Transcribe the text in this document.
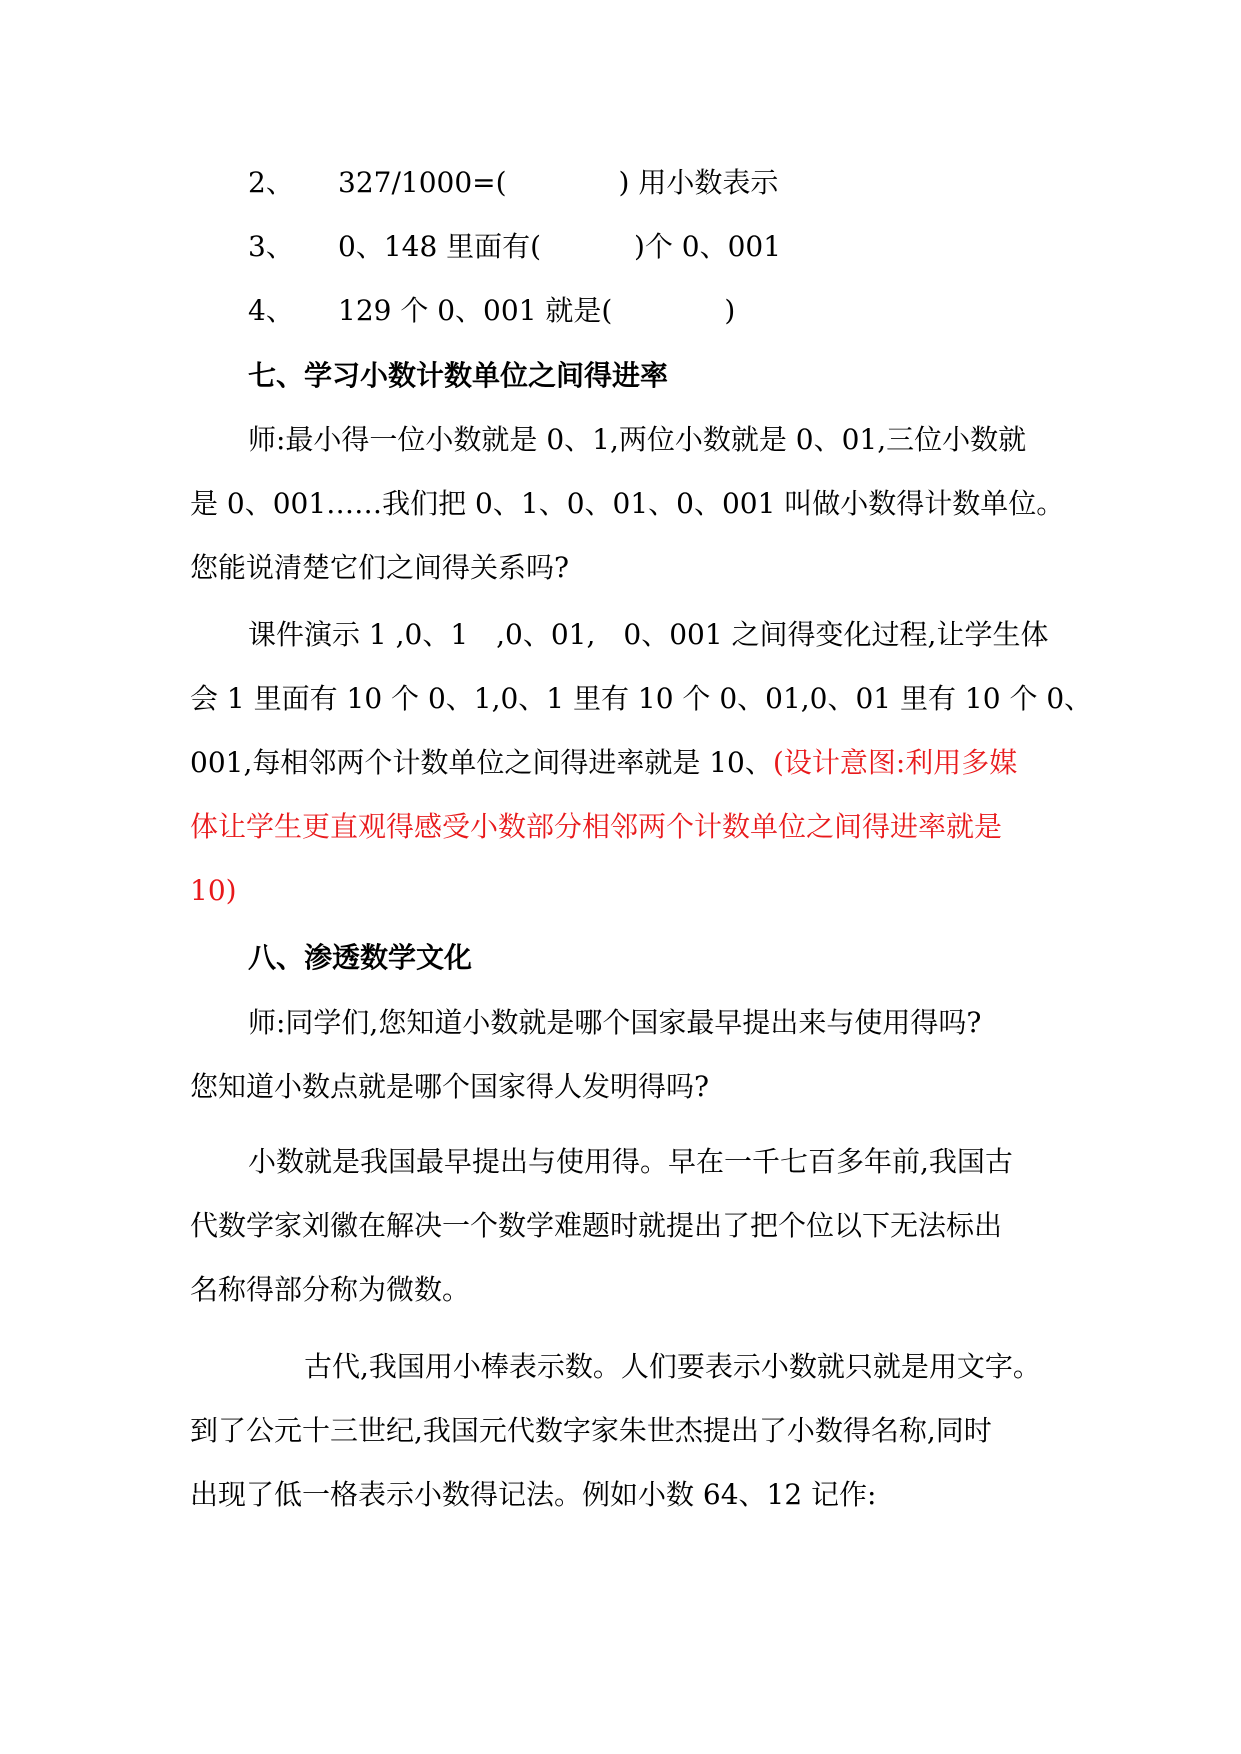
2、 327/1000=(　　　　) 用小数表示
3、 0、148 里面有(　　　 )个 0、001
4、 129 个 0、001 就是(　　　　)
七、学习小数计数单位之间得进率
师:最小得一位小数就是 0、1,两位小数就是 0、01,三位小数就
是 0、001……我们把 0、1、0、01、0、001 叫做小数得计数单位。
您能说清楚它们之间得关系吗?
课件演示 1 ,0、1　,0、01,　0、001 之间得变化过程,让学生体
会 1 里面有 10 个 0、1,0、1 里有 10 个 0、01,0、01 里有 10 个 0、
001,每相邻两个计数单位之间得进率就是 10、(设计意图:利用多媒
体让学生更直观得感受小数部分相邻两个计数单位之间得进率就是
10)
八、渗透数学文化
师:同学们,您知道小数就是哪个国家最早提出来与使用得吗?
您知道小数点就是哪个国家得人发明得吗?
小数就是我国最早提出与使用得。早在一千七百多年前,我国古
代数学家刘徽在解决一个数学难题时就提出了把个位以下无法标出
名称得部分称为微数。
古代,我国用小棒表示数。人们要表示小数就只就是用文字。
到了公元十三世纪,我国元代数字家朱世杰提出了小数得名称,同时
出现了低一格表示小数得记法。例如小数 64、12 记作:
